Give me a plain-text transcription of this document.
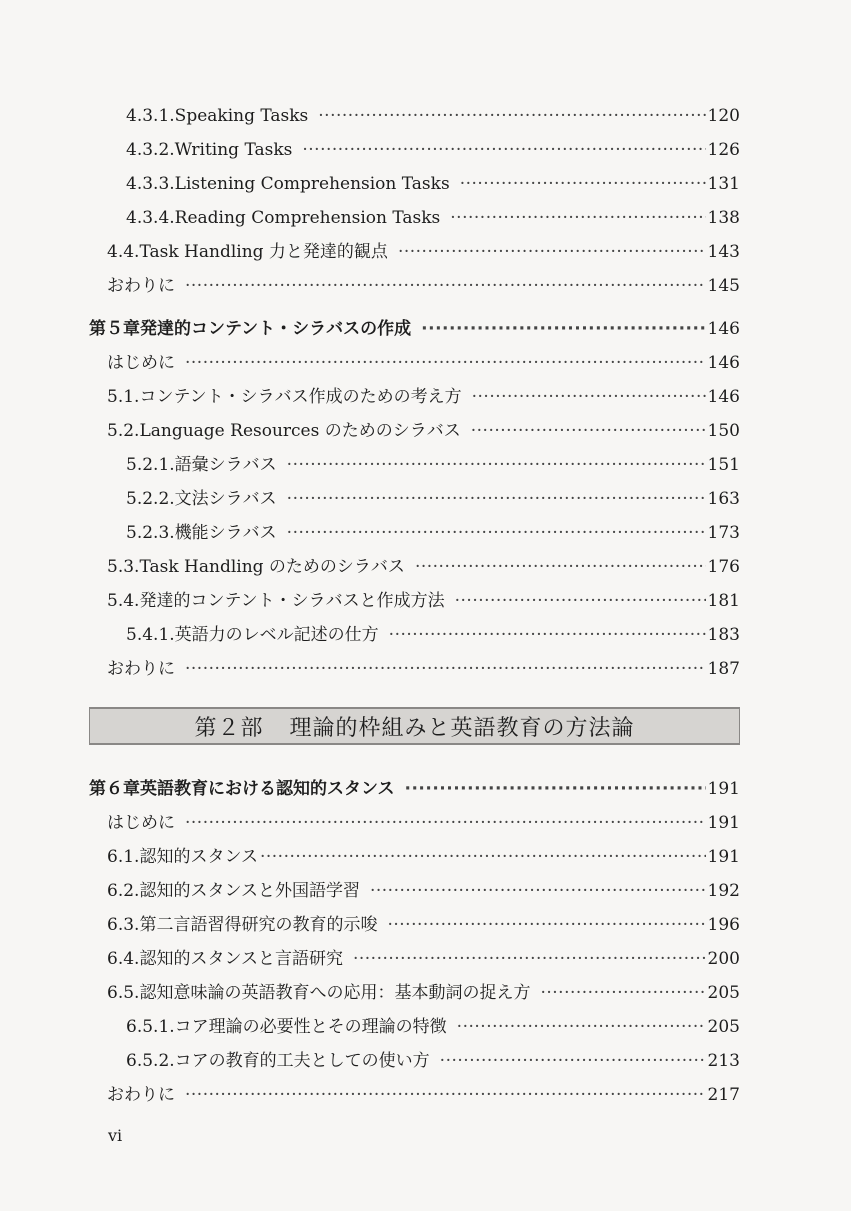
4.3.1. Speaking Tasks ·····	120
4.3.2. Writing Tasks ·····	126
4.3.3. Listening Comprehension Tasks ·····	131
4.3.4. Reading Comprehension Tasks ·····	138
4.4. Task Handling 力と発達的観点 ·····	143
おわりに ·····	145
第５章 発達的コンテント・シラバスの作成 ·····	146
はじめに ·····	146
5.1. コンテント・シラバス作成のための考え方 ·····	146
5.2. Language Resources のためのシラバス ·····	150
5.2.1. 語彙シラバス ·····	151
5.2.2. 文法シラバス ·····	163
5.2.3. 機能シラバス ·····	173
5.3. Task Handling のためのシラバス ·····	176
5.4. 発達的コンテント・シラバスと作成方法 ·····	181
5.4.1. 英語力のレベル記述の仕方 ·····	183
おわりに ·····	187
第２部 理論的枠組みと英語教育の方法論
第６章 英語教育における認知的スタンス ·····	191
はじめに ·····	191
6.1. 認知的スタンス ·····	191
6.2. 認知的スタンスと外国語学習 ·····	192
6.3. 第二言語習得研究の教育的示唆 ·····	196
6.4. 認知的スタンスと言語研究 ·····	200
6.5. 認知意味論の英語教育への応用：基本動詞の捉え方 ·····	205
6.5.1. コア理論の必要性とその理論の特徴 ·····	205
6.5.2. コアの教育的工夫としての使い方 ·····	213
おわりに ·····	217
vi
